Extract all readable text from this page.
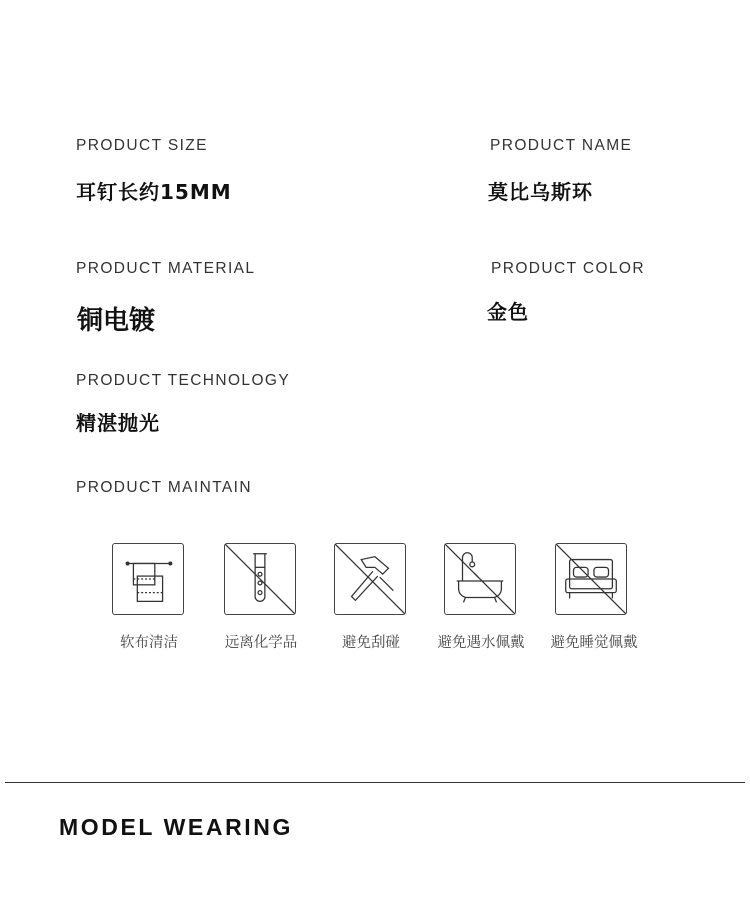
PRODUCT SIZE
耳钉长约15MM
PRODUCT NAME
莫比乌斯环
PRODUCT MATERIAL
铜电镀
PRODUCT COLOR
金色
PRODUCT TECHNOLOGY
精湛抛光
PRODUCT MAINTAIN
软布清洁	远离化学品	避免刮碰	避免遇水佩戴	避免睡觉佩戴
MODEL WEARING
